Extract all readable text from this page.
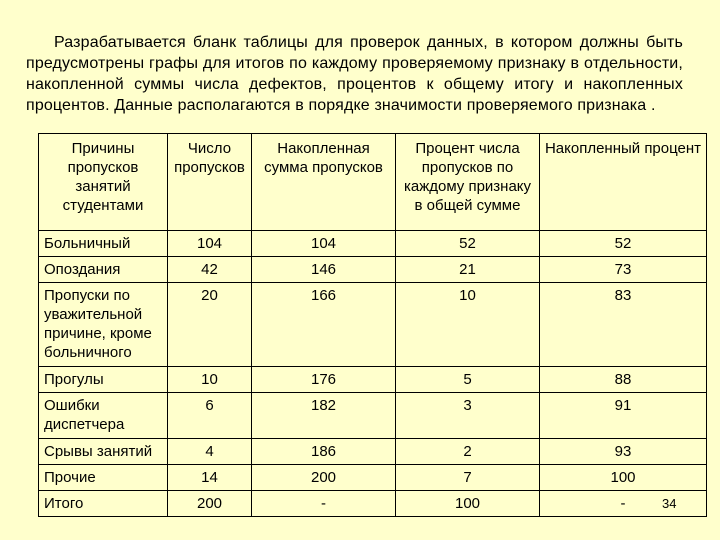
Разрабатывается бланк таблицы для проверок данных, в котором должны быть предусмотрены графы для итогов по каждому проверяемому признаку в отдельности, накопленной суммы числа дефектов, процентов к общему итогу и накопленных процентов. Данные располагаются в порядке значимости проверяемого признака .

Причины пропусков занятий студентами	Число пропусков	Накопленная сумма пропусков	Процент числа пропусков по каждому признаку в общей сумме	Накопленный процент
Больничный	104	104	52	52
Опоздания	42	146	21	73
Пропуски по уважительной причине, кроме больничного	20	166	10	83
Прогулы	10	176	5	88
Ошибки диспетчера	6	182	3	91
Срывы занятий	4	186	2	93
Прочие	14	200	7	100
Итого	200	-	100	-	34
